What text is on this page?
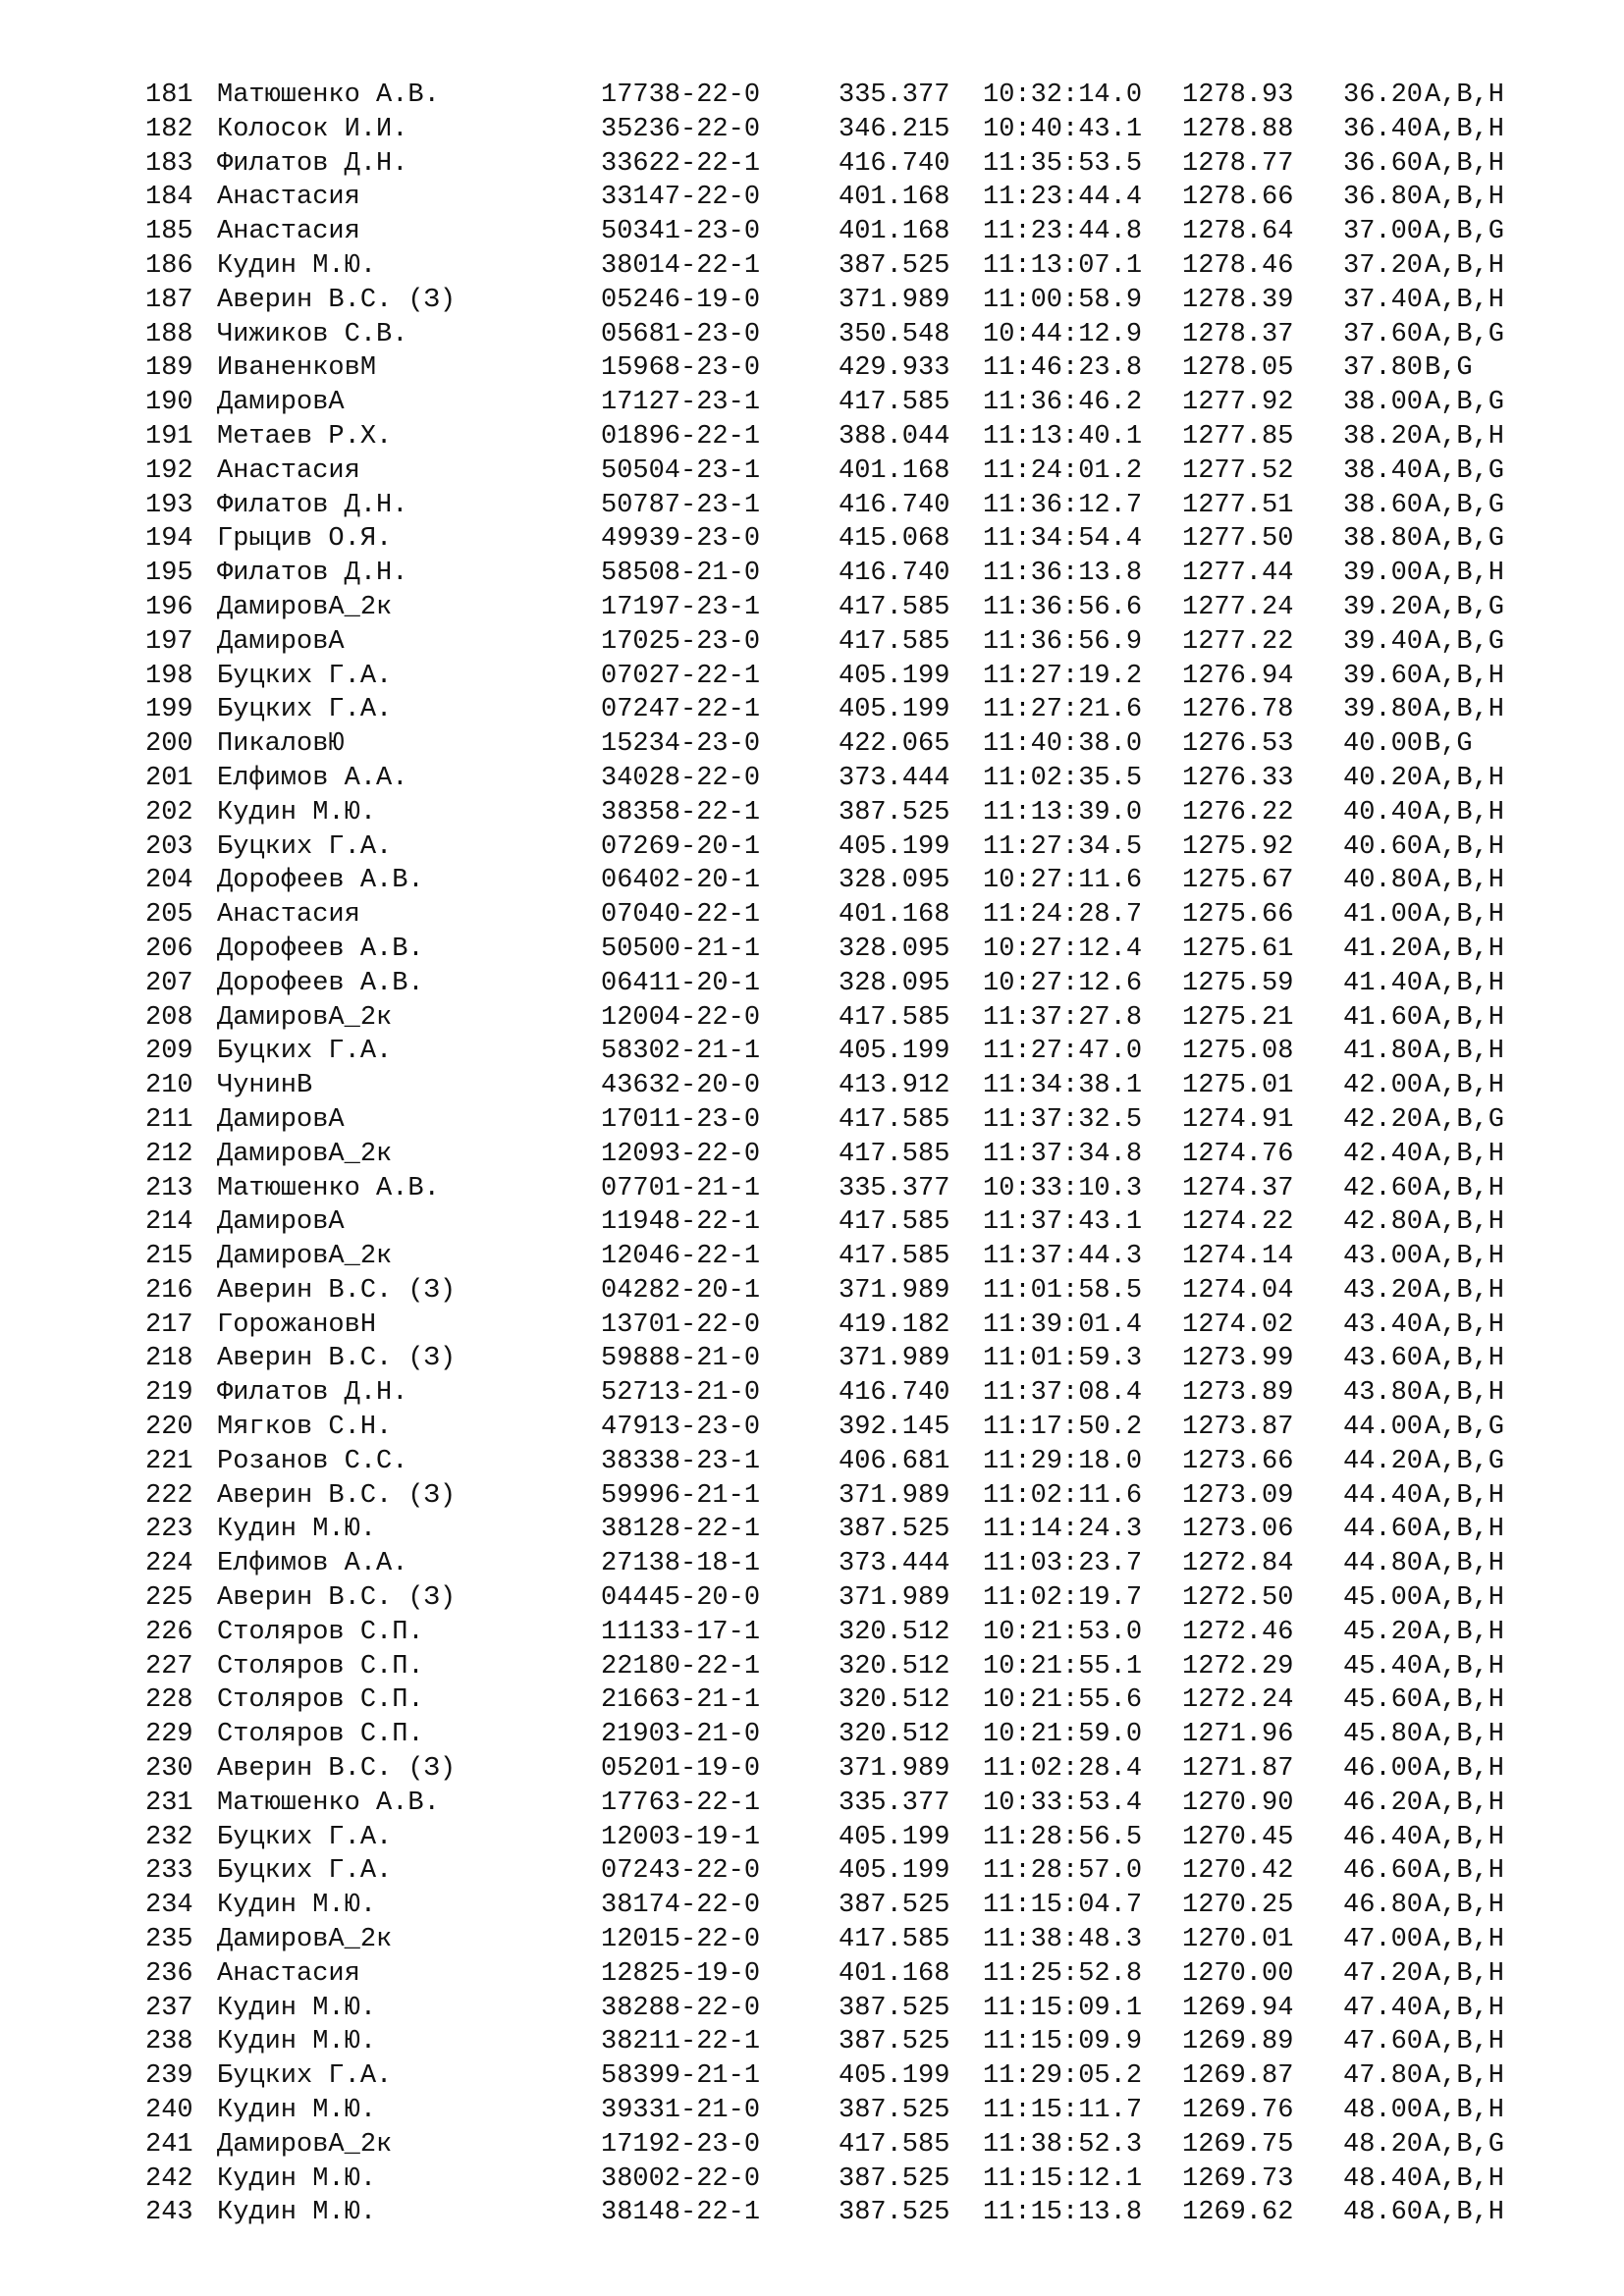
181 Матюшенко А.В.	17738-22-0	335.377 10:32:14.0 1278.93 36.20 A,B,H
182 Колосок И.И.	35236-22-0	346.215 10:40:43.1 1278.88 36.40 A,B,H
183 Филатов Д.Н.	33622-22-1	416.740 11:35:53.5 1278.77 36.60 A,B,H
184 Анастасия	33147-22-0	401.168 11:23:44.4 1278.66 36.80 A,B,H
185 Анастасия	50341-23-0	401.168 11:23:44.8 1278.64 37.00 A,B,G
186 Кудин М.Ю.	38014-22-1	387.525 11:13:07.1 1278.46 37.20 A,B,H
187 Аверин В.С. (З)	05246-19-0	371.989 11:00:58.9 1278.39 37.40 A,B,H
188 Чижиков С.В.	05681-23-0	350.548 10:44:12.9 1278.37 37.60 A,B,G
189 ИваненковМ	15968-23-0	429.933 11:46:23.8 1278.05 37.80 B,G
190 ДамировА	17127-23-1	417.585 11:36:46.2 1277.92 38.00 A,B,G
191 Метаев Р.Х.	01896-22-1	388.044 11:13:40.1 1277.85 38.20 A,B,H
192 Анастасия	50504-23-1	401.168 11:24:01.2 1277.52 38.40 A,B,G
193 Филатов Д.Н.	50787-23-1	416.740 11:36:12.7 1277.51 38.60 A,B,G
194 Грыцив О.Я.	49939-23-0	415.068 11:34:54.4 1277.50 38.80 A,B,G
195 Филатов Д.Н.	58508-21-0	416.740 11:36:13.8 1277.44 39.00 A,B,H
196 ДамировА_2к	17197-23-1	417.585 11:36:56.6 1277.24 39.20 A,B,G
197 ДамировА	17025-23-0	417.585 11:36:56.9 1277.22 39.40 A,B,G
198 Буцких Г.А.	07027-22-1	405.199 11:27:19.2 1276.94 39.60 A,B,H
199 Буцких Г.А.	07247-22-1	405.199 11:27:21.6 1276.78 39.80 A,B,H
200 ПикаловЮ	15234-23-0	422.065 11:40:38.0 1276.53 40.00 B,G
201 Елфимов А.А.	34028-22-0	373.444 11:02:35.5 1276.33 40.20 A,B,H
202 Кудин М.Ю.	38358-22-1	387.525 11:13:39.0 1276.22 40.40 A,B,H
203 Буцких Г.А.	07269-20-1	405.199 11:27:34.5 1275.92 40.60 A,B,H
204 Дорофеев А.В.	06402-20-1	328.095 10:27:11.6 1275.67 40.80 A,B,H
205 Анастасия	07040-22-1	401.168 11:24:28.7 1275.66 41.00 A,B,H
206 Дорофеев А.В.	50500-21-1	328.095 10:27:12.4 1275.61 41.20 A,B,H
207 Дорофеев А.В.	06411-20-1	328.095 10:27:12.6 1275.59 41.40 A,B,H
208 ДамировА_2к	12004-22-0	417.585 11:37:27.8 1275.21 41.60 A,B,H
209 Буцких Г.А.	58302-21-1	405.199 11:27:47.0 1275.08 41.80 A,B,H
210 ЧунинВ	43632-20-0	413.912 11:34:38.1 1275.01 42.00 A,B,H
211 ДамировА	17011-23-0	417.585 11:37:32.5 1274.91 42.20 A,B,G
212 ДамировА_2к	12093-22-0	417.585 11:37:34.8 1274.76 42.40 A,B,H
213 Матюшенко А.В.	07701-21-1	335.377 10:33:10.3 1274.37 42.60 A,B,H
214 ДамировА	11948-22-1	417.585 11:37:43.1 1274.22 42.80 A,B,H
215 ДамировА_2к	12046-22-1	417.585 11:37:44.3 1274.14 43.00 A,B,H
216 Аверин В.С. (З)	04282-20-1	371.989 11:01:58.5 1274.04 43.20 A,B,H
217 ГорожановН	13701-22-0	419.182 11:39:01.4 1274.02 43.40 A,B,H
218 Аверин В.С. (З)	59888-21-0	371.989 11:01:59.3 1273.99 43.60 A,B,H
219 Филатов Д.Н.	52713-21-0	416.740 11:37:08.4 1273.89 43.80 A,B,H
220 Мягков С.Н.	47913-23-0	392.145 11:17:50.2 1273.87 44.00 A,B,G
221 Розанов С.С.	38338-23-1	406.681 11:29:18.0 1273.66 44.20 A,B,G
222 Аверин В.С. (З)	59996-21-1	371.989 11:02:11.6 1273.09 44.40 A,B,H
223 Кудин М.Ю.	38128-22-1	387.525 11:14:24.3 1273.06 44.60 A,B,H
224 Елфимов А.А.	27138-18-1	373.444 11:03:23.7 1272.84 44.80 A,B,H
225 Аверин В.С. (З)	04445-20-0	371.989 11:02:19.7 1272.50 45.00 A,B,H
226 Столяров С.П.	11133-17-1	320.512 10:21:53.0 1272.46 45.20 A,B,H
227 Столяров С.П.	22180-22-1	320.512 10:21:55.1 1272.29 45.40 A,B,H
228 Столяров С.П.	21663-21-1	320.512 10:21:55.6 1272.24 45.60 A,B,H
229 Столяров С.П.	21903-21-0	320.512 10:21:59.0 1271.96 45.80 A,B,H
230 Аверин В.С. (З)	05201-19-0	371.989 11:02:28.4 1271.87 46.00 A,B,H
231 Матюшенко А.В.	17763-22-1	335.377 10:33:53.4 1270.90 46.20 A,B,H
232 Буцких Г.А.	12003-19-1	405.199 11:28:56.5 1270.45 46.40 A,B,H
233 Буцких Г.А.	07243-22-0	405.199 11:28:57.0 1270.42 46.60 A,B,H
234 Кудин М.Ю.	38174-22-0	387.525 11:15:04.7 1270.25 46.80 A,B,H
235 ДамировА_2к	12015-22-0	417.585 11:38:48.3 1270.01 47.00 A,B,H
236 Анастасия	12825-19-0	401.168 11:25:52.8 1270.00 47.20 A,B,H
237 Кудин М.Ю.	38288-22-0	387.525 11:15:09.1 1269.94 47.40 A,B,H
238 Кудин М.Ю.	38211-22-1	387.525 11:15:09.9 1269.89 47.60 A,B,H
239 Буцких Г.А.	58399-21-1	405.199 11:29:05.2 1269.87 47.80 A,B,H
240 Кудин М.Ю.	39331-21-0	387.525 11:15:11.7 1269.76 48.00 A,B,H
241 ДамировА_2к	17192-23-0	417.585 11:38:52.3 1269.75 48.20 A,B,G
242 Кудин М.Ю.	38002-22-0	387.525 11:15:12.1 1269.73 48.40 A,B,H
243 Кудин М.Ю.	38148-22-1	387.525 11:15:13.8 1269.62 48.60 A,B,H
